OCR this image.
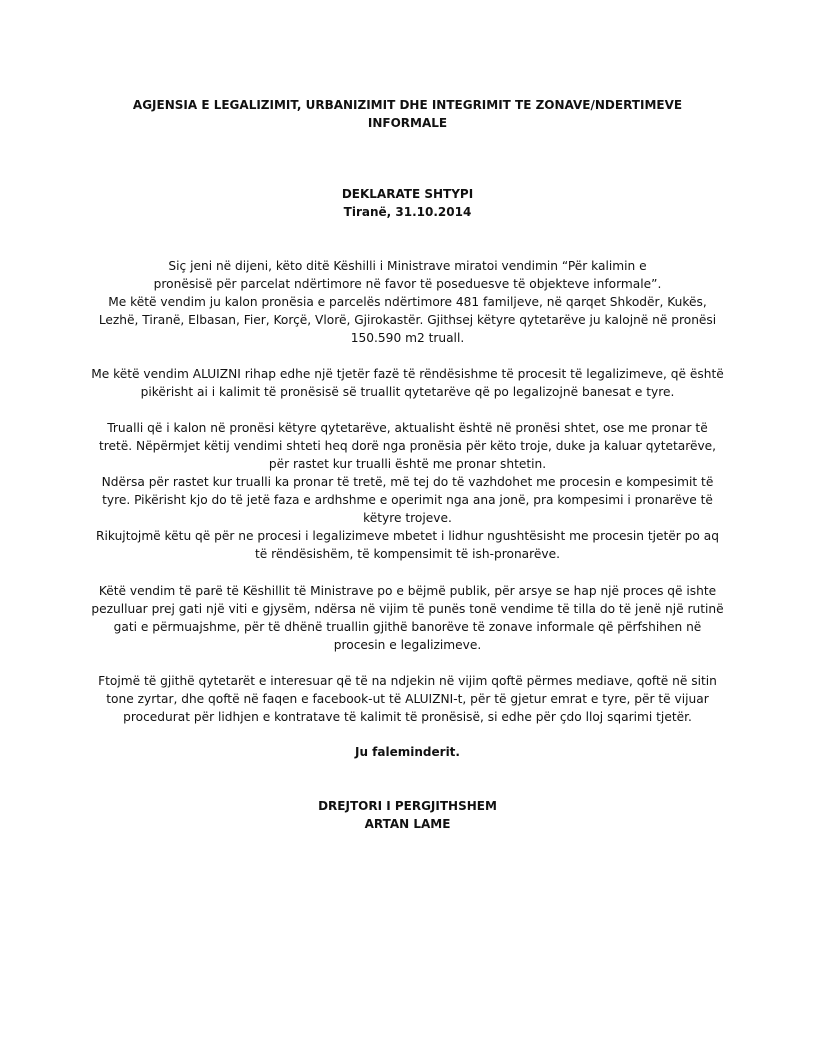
AGJENSIA E LEGALIZIMIT, URBANIZIMIT DHE INTEGRIMIT TE ZONAVE/NDERTIMEVE
INFORMALE
DEKLARATE SHTYPI
Tiranë, 31.10.2014

Siç jeni në dijeni, këto ditë Këshilli i Ministrave miratoi vendimin “Për kalimin e pronësisë për parcelat ndërtimore në favor të poseduesve të objekteve informale”.

Me këtë vendim ju kalon pronësia e parcelës ndërtimore 481 familjeve, në qarqet Shkodër, Kukës, Lezhë, Tiranë, Elbasan, Fier, Korçë, Vlorë, Gjirokastër. Gjithsej këtyre qytetarëve ju kalojnë në pronësi 150.590 m2 truall.

Me këtë vendim ALUIZNI rihap edhe një tjetër fazë të rëndësishme të procesit të legalizimeve, që është pikërisht ai i kalimit të pronësisë së truallit qytetarëve që po legalizojnë banesat e tyre.

Trualli që i kalon në pronësi këtyre qytetarëve, aktualisht është në pronësi shtet, ose me pronar të tretë. Nëpërmjet këtij vendimi shteti heq dorë nga pronësia për këto troje, duke ja kaluar qytetarëve, për rastet kur trualli është me pronar shtetin.

Ndërsa për rastet kur trualli ka pronar të tretë, më tej do të vazhdohet me procesin e kompesimit të tyre. Pikërisht kjo do të jetë faza e ardhshme e operimit nga ana jonë, pra kompesimi i pronarëve të këtyre trojeve.

Rikujtojmë këtu që për ne procesi i legalizimeve mbetet i lidhur ngushtësisht me procesin tjetër po aq të rëndësishëm, të kompensimit të ish-pronarëve.

Këtë vendim të parë të Këshillit të Ministrave po e bëjmë publik, për arsye se hap një proces që ishte pezulluar prej gati një viti e gjysëm, ndërsa në vijim të punës tonë vendime të tilla do të jenë një rutinë gati e përmuajshme, për të dhënë truallin gjithë banorëve të zonave informale që përfshihen në procesin e legalizimeve.

Ftojmë të gjithë qytetarët e interesuar që të na ndjekin në vijim qoftë përmes mediave, qoftë në sitin tone zyrtar, dhe qoftë në faqen e facebook-ut të ALUIZNI-t, për të gjetur emrat e tyre, për të vijuar procedurat për lidhjen e kontratave të kalimit të pronësisë, si edhe për çdo lloj sqarimi tjetër.

Ju faleminderit.
DREJTORI I PERGJITHSHEM
ARTAN LAME
